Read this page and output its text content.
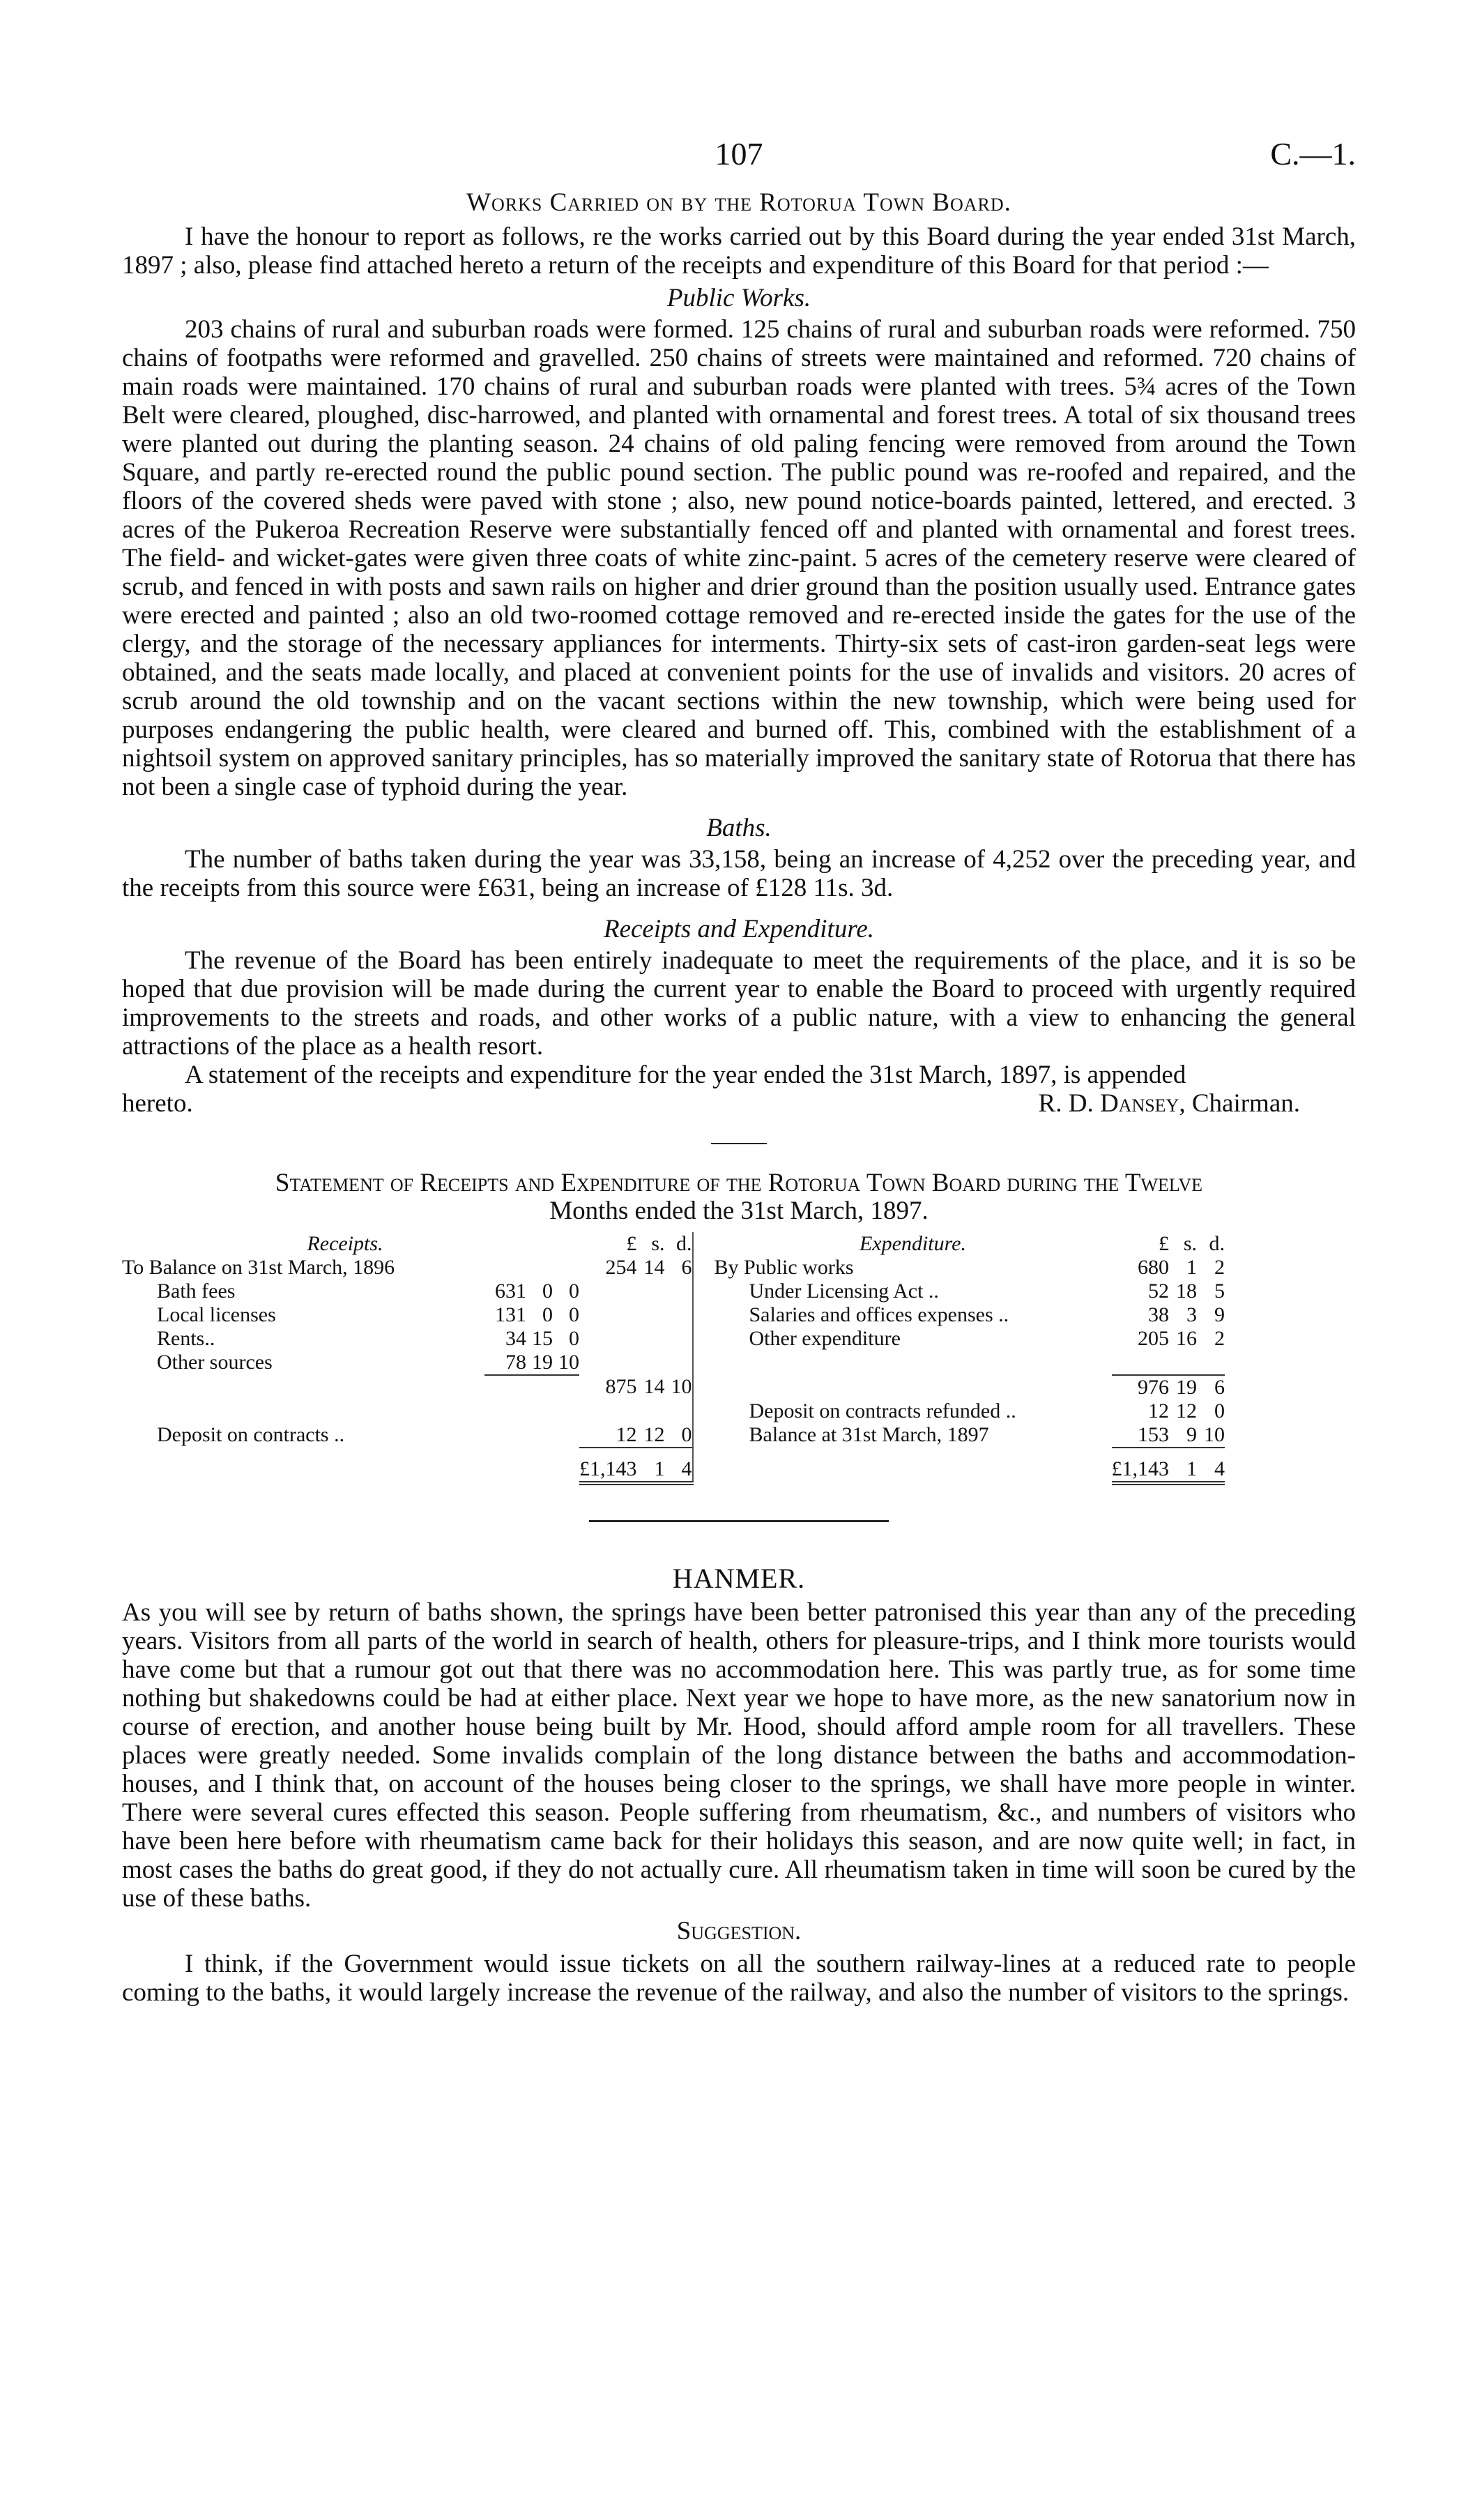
107	C.—1.
Works Carried on by the Rotorua Town Board.

I have the honour to report as follows, re the works carried out by this Board during the year ended 31st March, 1897 ; also, please find attached hereto a return of the receipts and expenditure of this Board for that period :—

Public Works.

203 chains of rural and suburban roads were formed. 125 chains of rural and suburban roads were reformed. 750 chains of footpaths were reformed and gravelled. 250 chains of streets were maintained and reformed. 720 chains of main roads were maintained. 170 chains of rural and suburban roads were planted with trees. 5¾ acres of the Town Belt were cleared, ploughed, disc-harrowed, and planted with ornamental and forest trees. A total of six thousand trees were planted out during the planting season. 24 chains of old paling fencing were removed from around the Town Square, and partly re-erected round the public pound section. The public pound was re-roofed and repaired, and the floors of the covered sheds were paved with stone ; also, new pound notice-boards painted, lettered, and erected. 3 acres of the Pukeroa Recreation Reserve were substantially fenced off and planted with ornamental and forest trees. The field- and wicket-gates were given three coats of white zinc-paint. 5 acres of the cemetery reserve were cleared of scrub, and fenced in with posts and sawn rails on higher and drier ground than the position usually used. Entrance gates were erected and painted ; also an old two-roomed cottage removed and re-erected inside the gates for the use of the clergy, and the storage of the necessary appliances for interments. Thirty-six sets of cast-iron garden-seat legs were obtained, and the seats made locally, and placed at convenient points for the use of invalids and visitors. 20 acres of scrub around the old township and on the vacant sections within the new township, which were being used for purposes endangering the public health, were cleared and burned off. This, combined with the establishment of a nightsoil system on approved sanitary principles, has so materially improved the sanitary state of Rotorua that there has not been a single case of typhoid during the year.

Baths.

The number of baths taken during the year was 33,158, being an increase of 4,252 over the preceding year, and the receipts from this source were £631, being an increase of £128 11s. 3d.

Receipts and Expenditure.

The revenue of the Board has been entirely inadequate to meet the requirements of the place, and it is so be hoped that due provision will be made during the current year to enable the Board to proceed with urgently required improvements to the streets and roads, and other works of a public nature, with a view to enhancing the general attractions of the place as a health resort.

A statement of the receipts and expenditure for the year ended the 31st March, 1897, is appended

hereto.	R. D. Dansey, Chairman.
Statement of Receipts and Expenditure of the Rotorua Town Board during the Twelve
Months ended the 31st March, 1897.
Receipts.				£	s.	d.		Expenditure.	£	s.	d.
To Balance on 31st March, 1896				254	14	6		By Public works	680	1	2
Bath fees	631	0	0					Under Licensing Act ..	52	18	5
Local licenses	131	0	0					Salaries and offices expenses ..	38	3	9
Rents..	34	15	0					Other expenditure	205	16	2
Other sources	78	19	10								
				875	14	10			976	19	6
								Deposit on contracts refunded ..	12	12	0
Deposit on contracts ..				12	12	0		Balance at 31st March, 1897	153	9	10

				£1,143	1	4			£1,143	1	4
HANMER.

As you will see by return of baths shown, the springs have been better patronised this year than any of the preceding years. Visitors from all parts of the world in search of health, others for pleasure-trips, and I think more tourists would have come but that a rumour got out that there was no accommodation here. This was partly true, as for some time nothing but shakedowns could be had at either place. Next year we hope to have more, as the new sanatorium now in course of erection, and another house being built by Mr. Hood, should afford ample room for all travellers. These places were greatly needed. Some invalids complain of the long distance between the baths and accommodation-houses, and I think that, on account of the houses being closer to the springs, we shall have more people in winter. There were several cures effected this season. People suffering from rheumatism, &c., and numbers of visitors who have been here before with rheumatism came back for their holidays this season, and are now quite well; in fact, in most cases the baths do great good, if they do not actually cure. All rheumatism taken in time will soon be cured by the use of these baths.

Suggestion.

I think, if the Government would issue tickets on all the southern railway-lines at a reduced rate to people coming to the baths, it would largely increase the revenue of the railway, and also the number of visitors to the springs.
